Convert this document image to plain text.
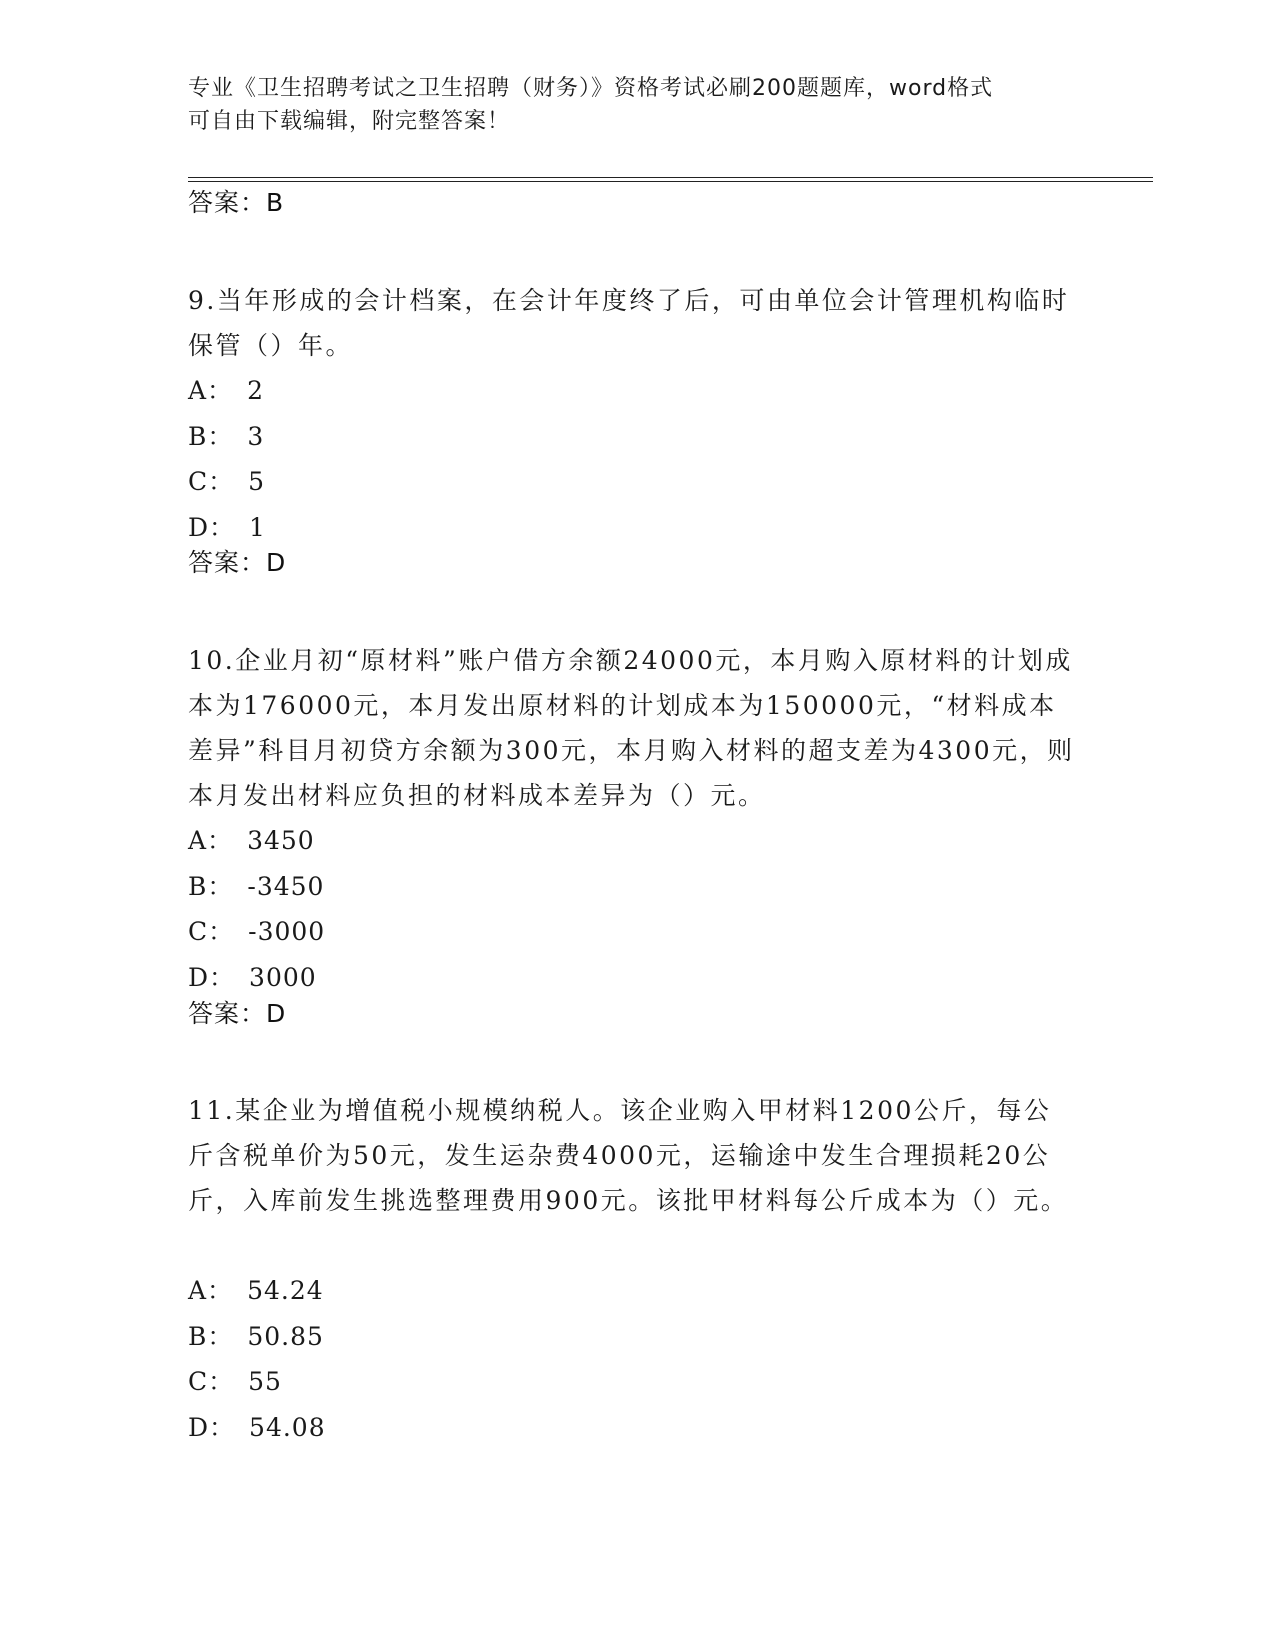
专业《卫生招聘考试之卫生招聘（财务）》资格考试必刷200题题库，word格式
可自由下载编辑，附完整答案！
答案：B
9.当年形成的会计档案，在会计年度终了后，可由单位会计管理机构临时保管（）年。
A： 2
B： 3
C： 5
D： 1
答案：D
10.企业月初“原材料”账户借方余额24000元，本月购入原材料的计划成本为176000元，本月发出原材料的计划成本为150000元，“材料成本差异”科目月初贷方余额为300元，本月购入材料的超支差为4300元，则本月发出材料应负担的材料成本差异为（）元。
A： 3450
B： -3450
C： -3000
D： 3000
答案：D
11.某企业为增值税小规模纳税人。该企业购入甲材料1200公斤，每公斤含税单价为50元，发生运杂费4000元，运输途中发生合理损耗20公斤，入库前发生挑选整理费用900元。该批甲材料每公斤成本为（）元。
A： 54.24
B： 50.85
C： 55
D： 54.08
